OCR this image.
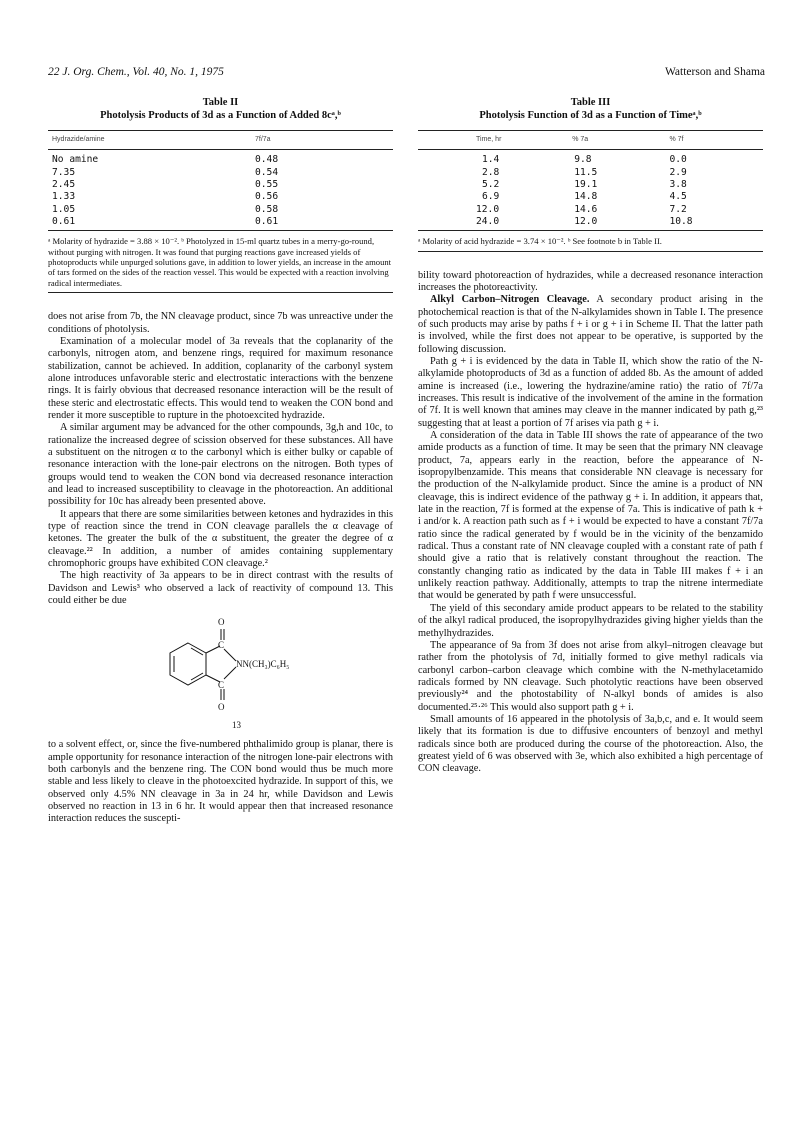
22 J. Org. Chem., Vol. 40, No. 1, 1975	Watterson and Shama
Table II
Photolysis Products of 3d as a Function of Added 8cᵃ,ᵇ
Hydrazide/amine	7f/7a
No amine	0.48
7.35	0.54
2.45	0.55
1.33	0.56
1.05	0.58
0.61	0.61
ᵃ Molarity of hydrazide = 3.88 × 10⁻². ᵇ Photolyzed in 15-ml quartz tubes in a merry-go-round, without purging with nitrogen. It was found that purging reactions gave increased yields of photoproducts while unpurged solutions gave, in addition to lower yields, an increase in the amount of tars formed on the sides of the reaction vessel. This would be expected with a reaction involving radical intermediates.

does not arise from 7b, the NN cleavage product, since 7b was unreactive under the conditions of photolysis.

Examination of a molecular model of 3a reveals that the coplanarity of the carbonyls, nitrogen atom, and benzene rings, required for maximum resonance stabilization, cannot be achieved. In addition, coplanarity of the carbonyl system alone introduces unfavorable steric and electrostatic interactions with the benzene rings. It is fairly obvious that decreased resonance interaction will be the result of these steric and electrostatic effects. This would tend to weaken the CON bond and render it more susceptible to rupture in the photoexcited hydrazide.

A similar argument may be advanced for the other compounds, 3g,h and 10c, to rationalize the increased degree of scission observed for these substances. All have a substituent on the nitrogen α to the carbonyl which is either bulky or capable of resonance interaction with the lone-pair electrons on the nitrogen. Both types of groups would tend to weaken the CON bond via decreased resonance interaction and lead to increased susceptibility to cleavage in the photoreaction. An additional possibility for 10c has already been presented above.

It appears that there are some similarities between ketones and hydrazides in this type of reaction since the trend in CON cleavage parallels the α cleavage of ketones. The greater the bulk of the α substituent, the greater the degree of α cleavage.²² In addition, a number of amides containing supplementary chromophoric groups have exhibited CON cleavage.²

The high reactivity of 3a appears to be in direct contrast with the results of Davidson and Lewis³ who observed a lack of reactivity of compound 13. This could either be due

O
C
NN(CH₃)C₆H₅
C
O
13

to a solvent effect, or, since the five-numbered phthalimido group is planar, there is ample opportunity for resonance interaction of the nitrogen lone-pair electrons with both carbonyls and the benzene ring. The CON bond would thus be much more stable and less likely to cleave in the photoexcited hydrazide. In support of this, we observed only 4.5% NN cleavage in 3a in 24 hr, while Davidson and Lewis observed no reaction in 13 in 6 hr. It would appear then that increased resonance interaction reduces the suscepti-

Table III
Photolysis Function of 3d as a Function of Timeᵃ,ᵇ
Time, hr	% 7a	% 7f
1.4	9.8	0.0
2.8	11.5	2.9
5.2	19.1	3.8
6.9	14.8	4.5
12.0	14.6	7.2
24.0	12.0	10.8
ᵃ Molarity of acid hydrazide = 3.74 × 10⁻². ᵇ See footnote b in Table II.

bility toward photoreaction of hydrazides, while a decreased resonance interaction increases the photoreactivity.

Alkyl Carbon–Nitrogen Cleavage. A secondary product arising in the photochemical reaction is that of the N-alkylamides shown in Table I. The presence of such products may arise by paths f + i or g + i in Scheme II. That the latter path is involved, while the first does not appear to be operative, is supported by the following discussion.

Path g + i is evidenced by the data in Table II, which show the ratio of the N-alkylamide photoproducts of 3d as a function of added 8b. As the amount of added amine is increased (i.e., lowering the hydrazine/amine ratio) the ratio of 7f/7a increases. This result is indicative of the involvement of the amine in the formation of 7f. It is well known that amines may cleave in the manner indicated by path g,²³ suggesting that at least a portion of 7f arises via path g + i.

A consideration of the data in Table III shows the rate of appearance of the two amide products as a function of time. It may be seen that the primary NN cleavage product, 7a, appears early in the reaction, before the appearance of N-isopropylbenzamide. This means that considerable NN cleavage is necessary for the production of the N-alkylamide product. Since the amine is a product of NN cleavage, this is indirect evidence of the pathway g + i. In addition, it appears that, late in the reaction, 7f is formed at the expense of 7a. This is indicative of path k + i and/or k. A reaction path such as f + i would be expected to have a constant 7f/7a ratio since the radical generated by f would be in the vicinity of the benzamido radical. Thus a constant rate of NN cleavage coupled with a constant rate of path f should give a ratio that is relatively constant throughout the reaction. The constantly changing ratio as indicated by the data in Table III makes f + i an unlikely reaction pathway. Additionally, attempts to trap the nitrene intermediate that would be generated by path f were unsuccessful.

The yield of this secondary amide product appears to be related to the stability of the alkyl radical produced, the isopropylhydrazides giving higher yields than the methylhydrazides.

The appearance of 9a from 3f does not arise from alkyl–nitrogen cleavage but rather from the photolysis of 7d, initially formed to give methyl radicals via carbonyl carbon–carbon cleavage which combine with the N-methylacetamido radicals formed by NN cleavage. Such photolytic reactions have been observed previously²⁴ and the photostability of N-alkyl bonds of amides is also documented.²⁵·²⁶ This would also support path g + i.

Small amounts of 16 appeared in the photolysis of 3a,b,c, and e. It would seem likely that its formation is due to diffusive encounters of benzoyl and methyl radicals since both are produced during the course of the photoreaction. Also, the greatest yield of 6 was observed with 3e, which also exhibited a high percentage of CON cleavage.
